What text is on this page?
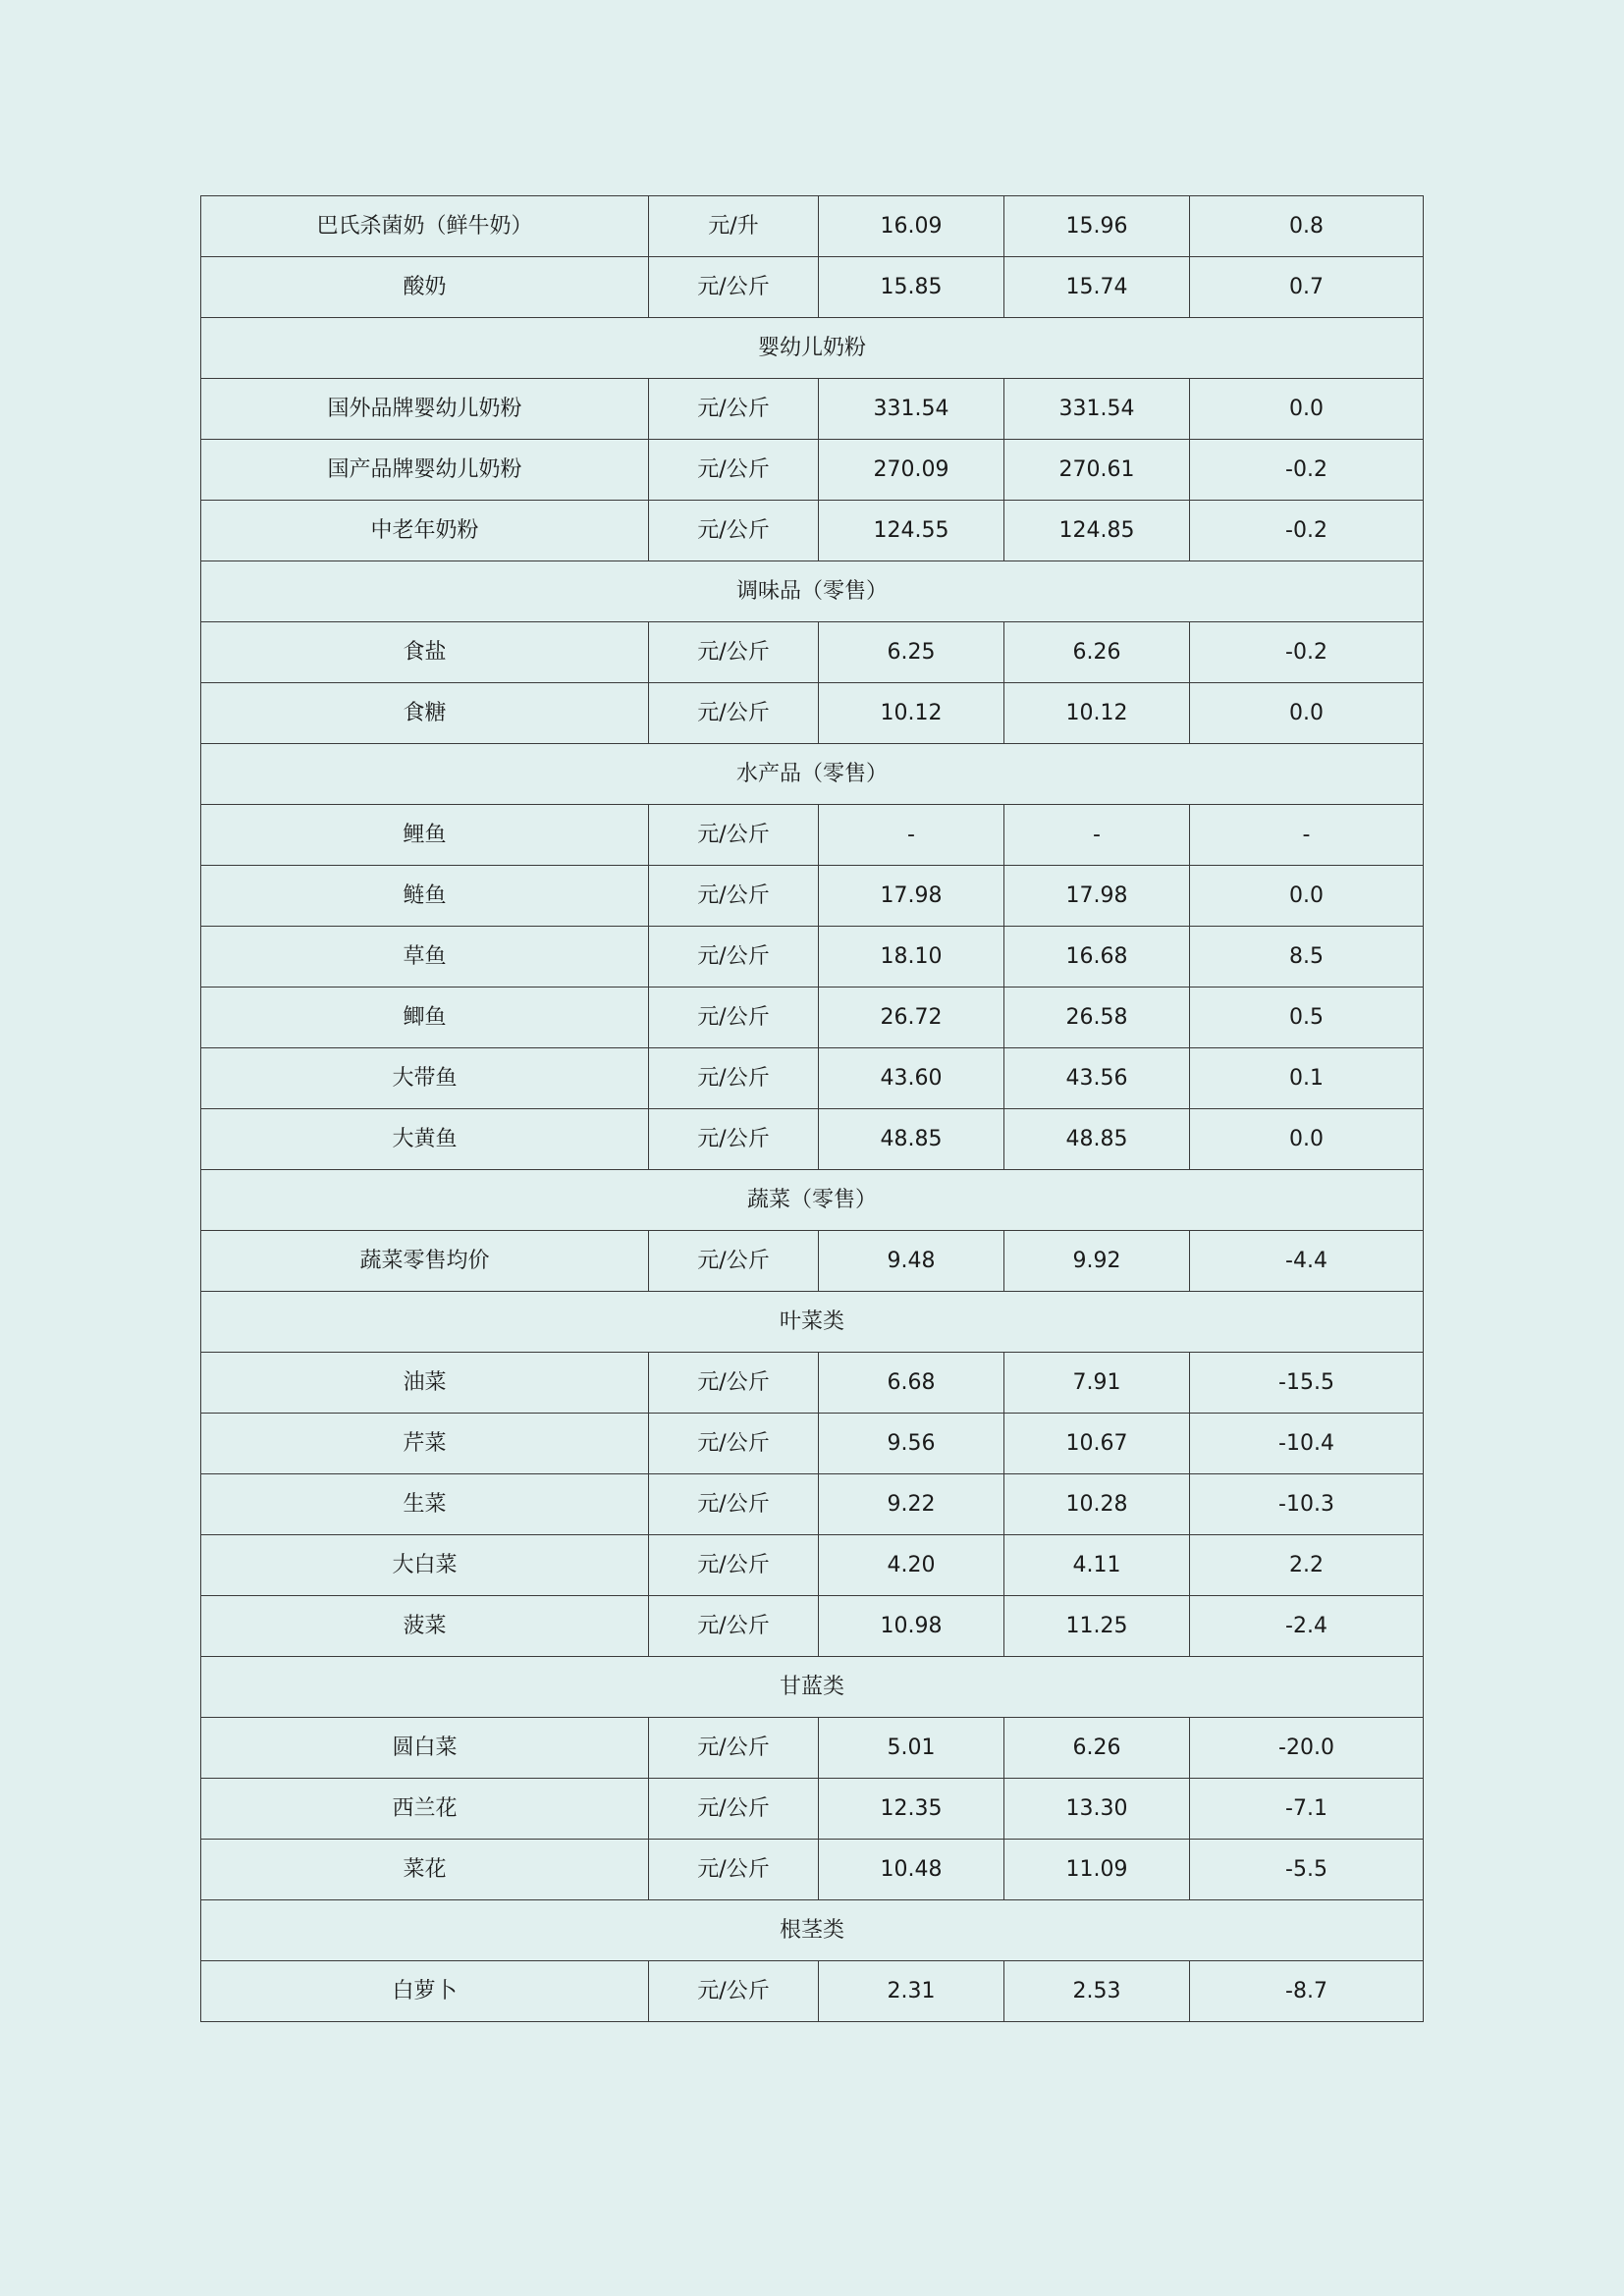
巴氏杀菌奶（鲜牛奶）	元/升	16.09	15.96	0.8
酸奶	元/公斤	15.85	15.74	0.7
婴幼儿奶粉				
国外品牌婴幼儿奶粉	元/公斤	331.54	331.54	0.0
国产品牌婴幼儿奶粉	元/公斤	270.09	270.61	-0.2
中老年奶粉	元/公斤	124.55	124.85	-0.2
调味品（零售）				
食盐	元/公斤	6.25	6.26	-0.2
食糖	元/公斤	10.12	10.12	0.0
水产品（零售）				
鲤鱼	元/公斤	-	-	-
鲢鱼	元/公斤	17.98	17.98	0.0
草鱼	元/公斤	18.10	16.68	8.5
鲫鱼	元/公斤	26.72	26.58	0.5
大带鱼	元/公斤	43.60	43.56	0.1
大黄鱼	元/公斤	48.85	48.85	0.0
蔬菜（零售）				
蔬菜零售均价	元/公斤	9.48	9.92	-4.4
叶菜类				
油菜	元/公斤	6.68	7.91	-15.5
芹菜	元/公斤	9.56	10.67	-10.4
生菜	元/公斤	9.22	10.28	-10.3
大白菜	元/公斤	4.20	4.11	2.2
菠菜	元/公斤	10.98	11.25	-2.4
甘蓝类				
圆白菜	元/公斤	5.01	6.26	-20.0
西兰花	元/公斤	12.35	13.30	-7.1
菜花	元/公斤	10.48	11.09	-5.5
根茎类				
白萝卜	元/公斤	2.31	2.53	-8.7
